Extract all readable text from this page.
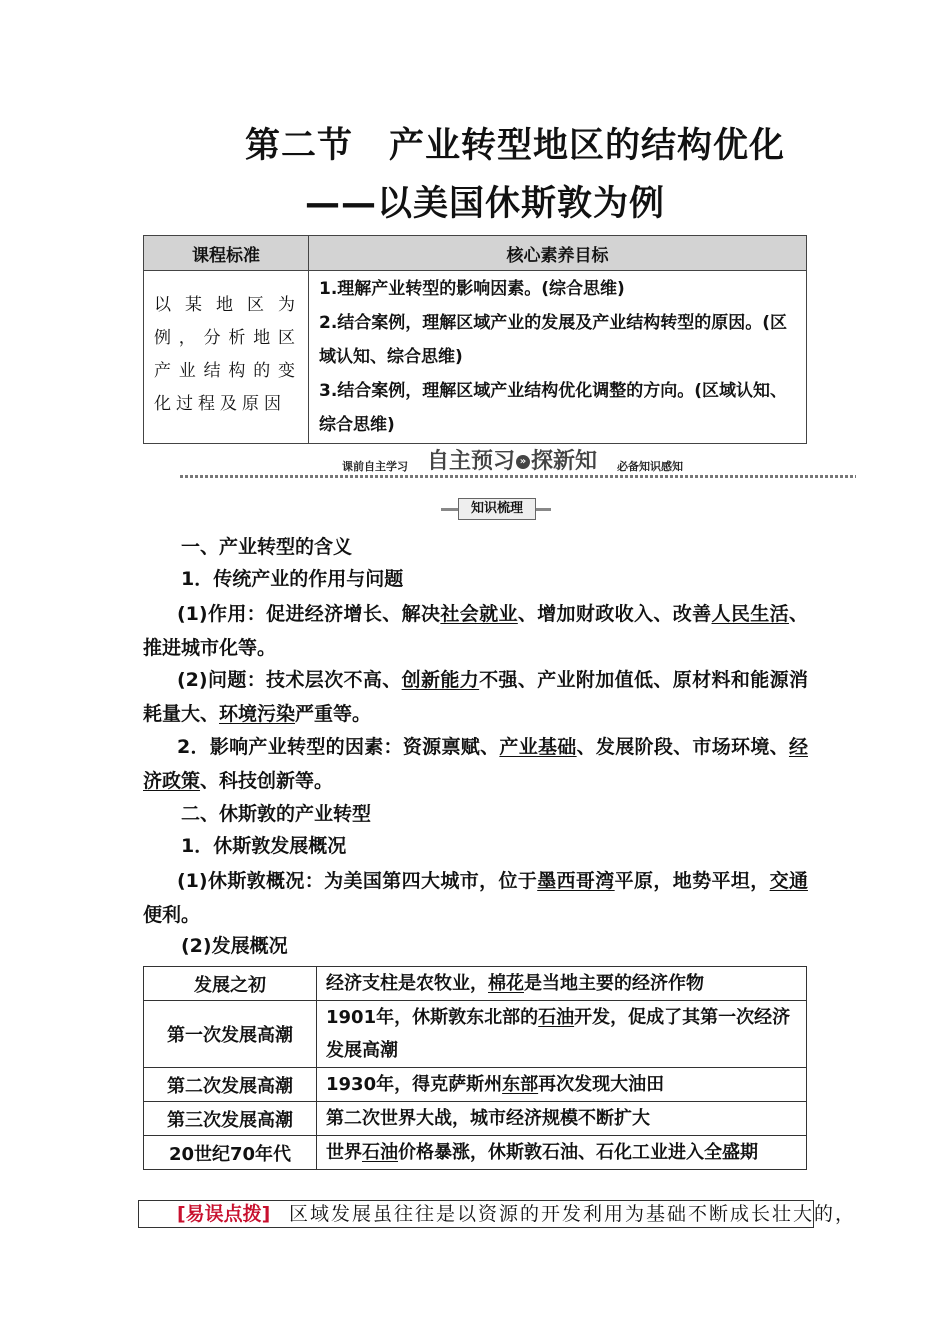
第二节　产业转型地区的结构优化
——以美国休斯敦为例
课程标准	核心素养目标
以某地区为例，分析地区产业结构的变化过程及原因	1.理解产业转型的影响因素。(综合思维)

2.结合案例，理解区域产业的发展及产业结构转型的原因。(区域认知、综合思维)

3.结合案例，理解区域产业结构优化调整的方向。(区域认知、综合思维)

课前自主学习 自主预习 » 探新知 必备知识感知
知识梳理
一、产业转型的含义
1．传统产业的作用与问题
(1)作用：促进经济增长、解决社会就业、增加财政收入、改善人民生活、推进城市化等。
(2)问题：技术层次不高、创新能力不强、产业附加值低、原材料和能源消耗量大、环境污染严重等。
2．影响产业转型的因素：资源禀赋、产业基础、发展阶段、市场环境、经济政策、科技创新等。
二、休斯敦的产业转型
1．休斯敦发展概况
(1)休斯敦概况：为美国第四大城市，位于墨西哥湾平原，地势平坦，交通便利。
(2)发展概况
发展之初	经济支柱是农牧业，棉花是当地主要的经济作物
第一次发展高潮	1901年，休斯敦东北部的石油开发，促成了其第一次经济发展高潮
第二次发展高潮	1930年，得克萨斯州东部再次发现大油田
第三次发展高潮	第二次世界大战，城市经济规模不断扩大
20世纪70年代	世界石油价格暴涨，休斯敦石油、石化工业进入全盛期
[易误点拨] 区域发展虽往往是以资源的开发利用为基础不断成长壮大的，
